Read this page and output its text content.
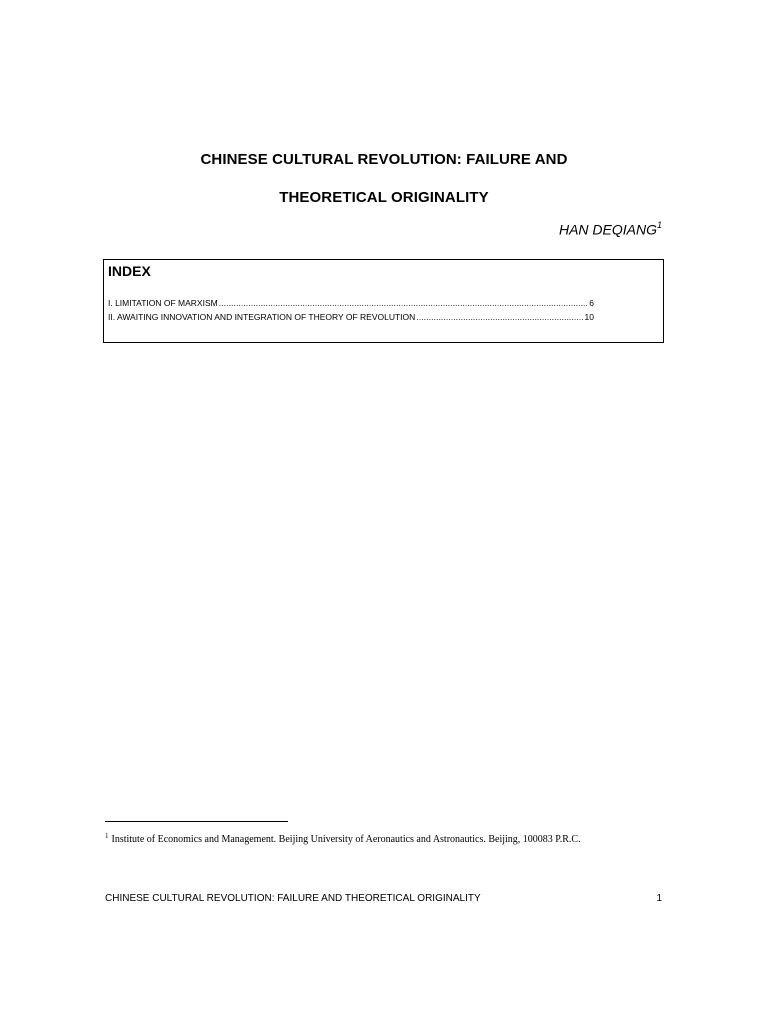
CHINESE CULTURAL REVOLUTION: FAILURE AND
THEORETICAL ORIGINALITY
HAN DEQIANG$^1$
INDEX
I. LIMITATION OF MARXISM .....	6
II. AWAITING INNOVATION AND INTEGRATION OF THEORY OF REVOLUTION .....	10
$^1$ Institute of Economics and Management. Beijing University of Aeronautics and Astronautics. Beijing, 100083 P.R.C.
CHINESE CULTURAL REVOLUTION: FAILURE AND THEORETICAL ORIGINALITY	1
